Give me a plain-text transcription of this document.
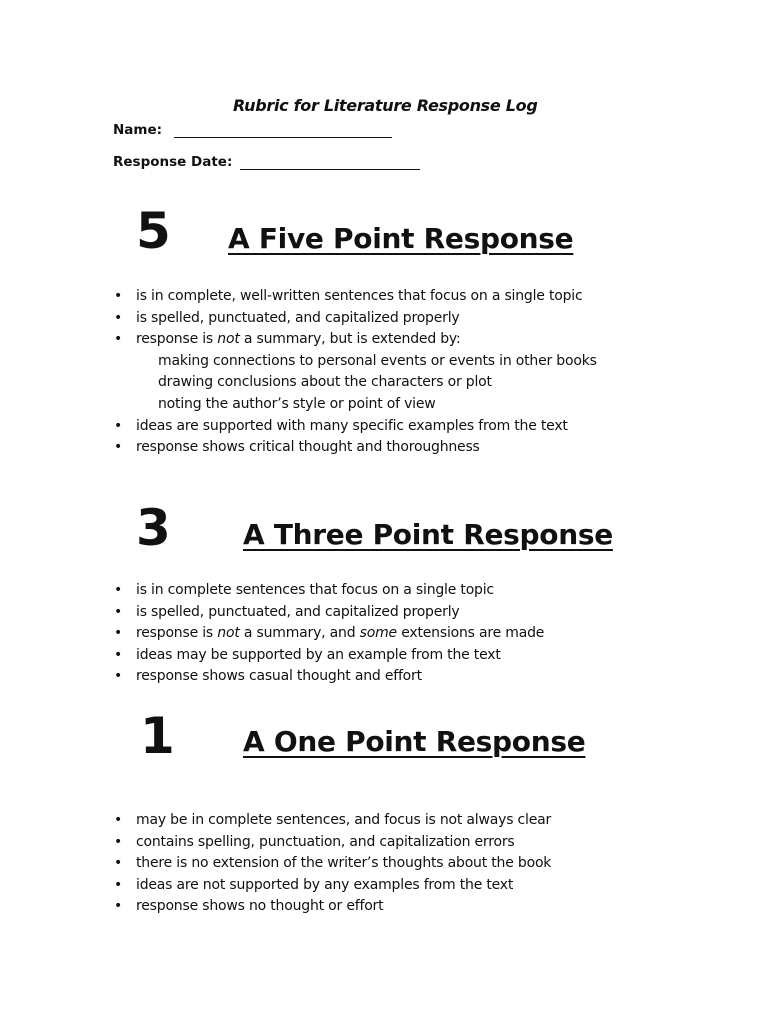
Rubric for Literature Response Log
Name:
Response Date:
5 A Five Point Response
• is in complete, well-written sentences that focus on a single topic
• is spelled, punctuated, and capitalized properly
• response is not a summary, but is extended by:
making connections to personal events or events in other books
drawing conclusions about the characters or plot
noting the author’s style or point of view
• ideas are supported with many specific examples from the text
• response shows critical thought and thoroughness
3	A Three Point Response
• is in complete sentences that focus on a single topic
• is spelled, punctuated, and capitalized properly
• response is not a summary, and some extensions are made
• ideas may be supported by an example from the text
• response shows casual thought and effort
1 A One Point Response
• may be in complete sentences, and focus is not always clear
• contains spelling, punctuation, and capitalization errors
• there is no extension of the writer’s thoughts about the book
• ideas are not supported by any examples from the text
• response shows no thought or effort
